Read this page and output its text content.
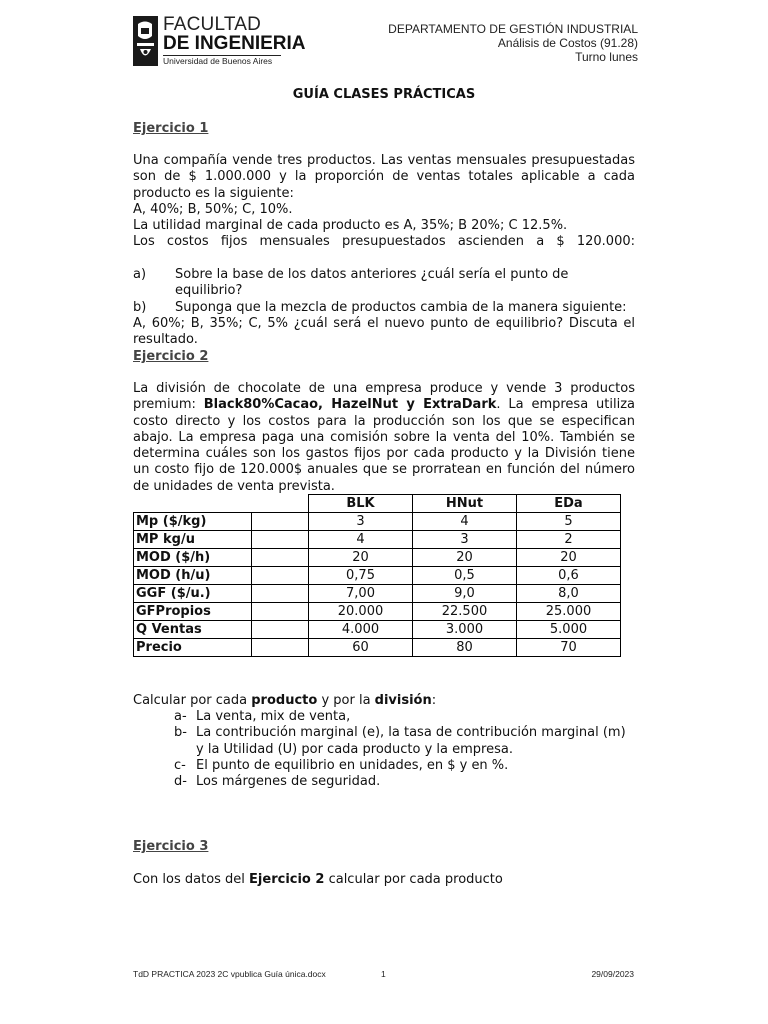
FACULTAD
DE INGENIERIA
Universidad de Buenos Aires
DEPARTAMENTO DE GESTIÓN INDUSTRIAL
Análisis de Costos (91.28)
Turno lunes
GUÍA CLASES PRÁCTICAS
Ejercicio 1
Una compañía vende tres productos. Las ventas mensuales presupuestadas son de $ 1.000.000 y la proporción de ventas totales aplicable a cada producto es la siguiente:
A, 40%; B, 50%; C, 10%.
La utilidad marginal de cada producto es A, 35%; B 20%; C 12.5%.
Los costos fijos mensuales presupuestados ascienden a $ 120.000:
a)	Sobre la base de los datos anteriores ¿cuál sería el punto de equilibrio?
b)	Suponga que la mezcla de productos cambia de la manera siguiente:
A, 60%; B, 35%; C, 5% ¿cuál será el nuevo punto de equilibrio? Discuta el resultado.
Ejercicio 2
La división de chocolate de una empresa produce y vende 3 productos premium: Black80%Cacao, HazelNut y ExtraDark. La empresa utiliza costo directo y los costos para la producción son los que se especifican abajo. La empresa paga una comisión sobre la venta del 10%. También se determina cuáles son los gastos fijos por cada producto y la División tiene un costo fijo de 120.000$ anuales que se prorratean en función del número de unidades de venta prevista.
		BLK	HNut	EDa
Mp ($/kg)		3	4	5
MP kg/u		4	3	2
MOD ($/h)		20	20	20
MOD (h/u)		0,75	0,5	0,6
GGF ($/u.)		7,00	9,0	8,0
GFPropios		20.000	22.500	25.000
Q Ventas		4.000	3.000	5.000
Precio		60	80	70
Calcular por cada producto y por la división:
a- La venta, mix de venta,
b- La contribución marginal (e), la tasa de contribución marginal (m) y la Utilidad (U) por cada producto y la empresa.
c- El punto de equilibrio en unidades, en $ y en %.
d- Los márgenes de seguridad.
Ejercicio 3
Con los datos del Ejercicio 2 calcular por cada producto
TdD PRACTICA 2023 2C vpublica Guía única.docx	1	29/09/2023
